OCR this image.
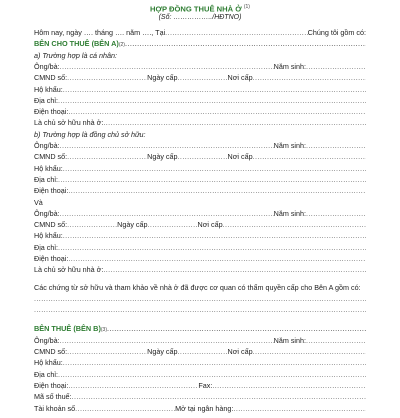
HỢP ĐỒNG THUÊ NHÀ Ở $^{(1)}$
(Số: ……………../HĐTNO)
Hôm nay, ngày …. tháng …. năm …., Tại .....	Chúng tôi gồm có:
BÊN CHO THUÊ (BÊN A) (2)
.....
a) Trường hợp là cá nhân:
Ông/bà: .....	Năm sinh:
.....
CMND số: .....	Ngày cấp .....	Nơi cấp
.....
Hộ khẩu:
.....
Địa chỉ:
.....
Điện thoại:
.....
Là chủ sở hữu nhà ở:
.....
b) Trường hợp là đồng chủ sở hữu:
Ông/bà: .....	Năm sinh:
.....
CMND số: .....	Ngày cấp .....	Nơi cấp
.....
Hộ khẩu:
.....
Địa chỉ:
.....
Điện thoại:
.....
Và
Ông/bà: .....	Năm sinh:
.....
CMND số: .....	Ngày cấp .....	Nơi cấp
.....
Hộ khẩu:
.....
Địa chỉ:
.....
Điện thoại:
.....
Là chủ sở hữu nhà ở:
.....
Các chứng từ sở hữu và tham khảo về nhà ở đã được cơ quan có thẩm quyền cấp cho Bên A gồm có:
.....
.....
BÊN THUÊ (BÊN B) (3)
.....
Ông/bà: .....	Năm sinh:
.....
CMND số: .....	Ngày cấp .....	Nơi cấp
.....
Hộ khẩu:
.....
Địa chỉ:
.....
Điện thoại: .....	Fax:
.....
Mã số thuế:
.....
Tài khoản số .....	Mở tại ngân hàng:
.....
